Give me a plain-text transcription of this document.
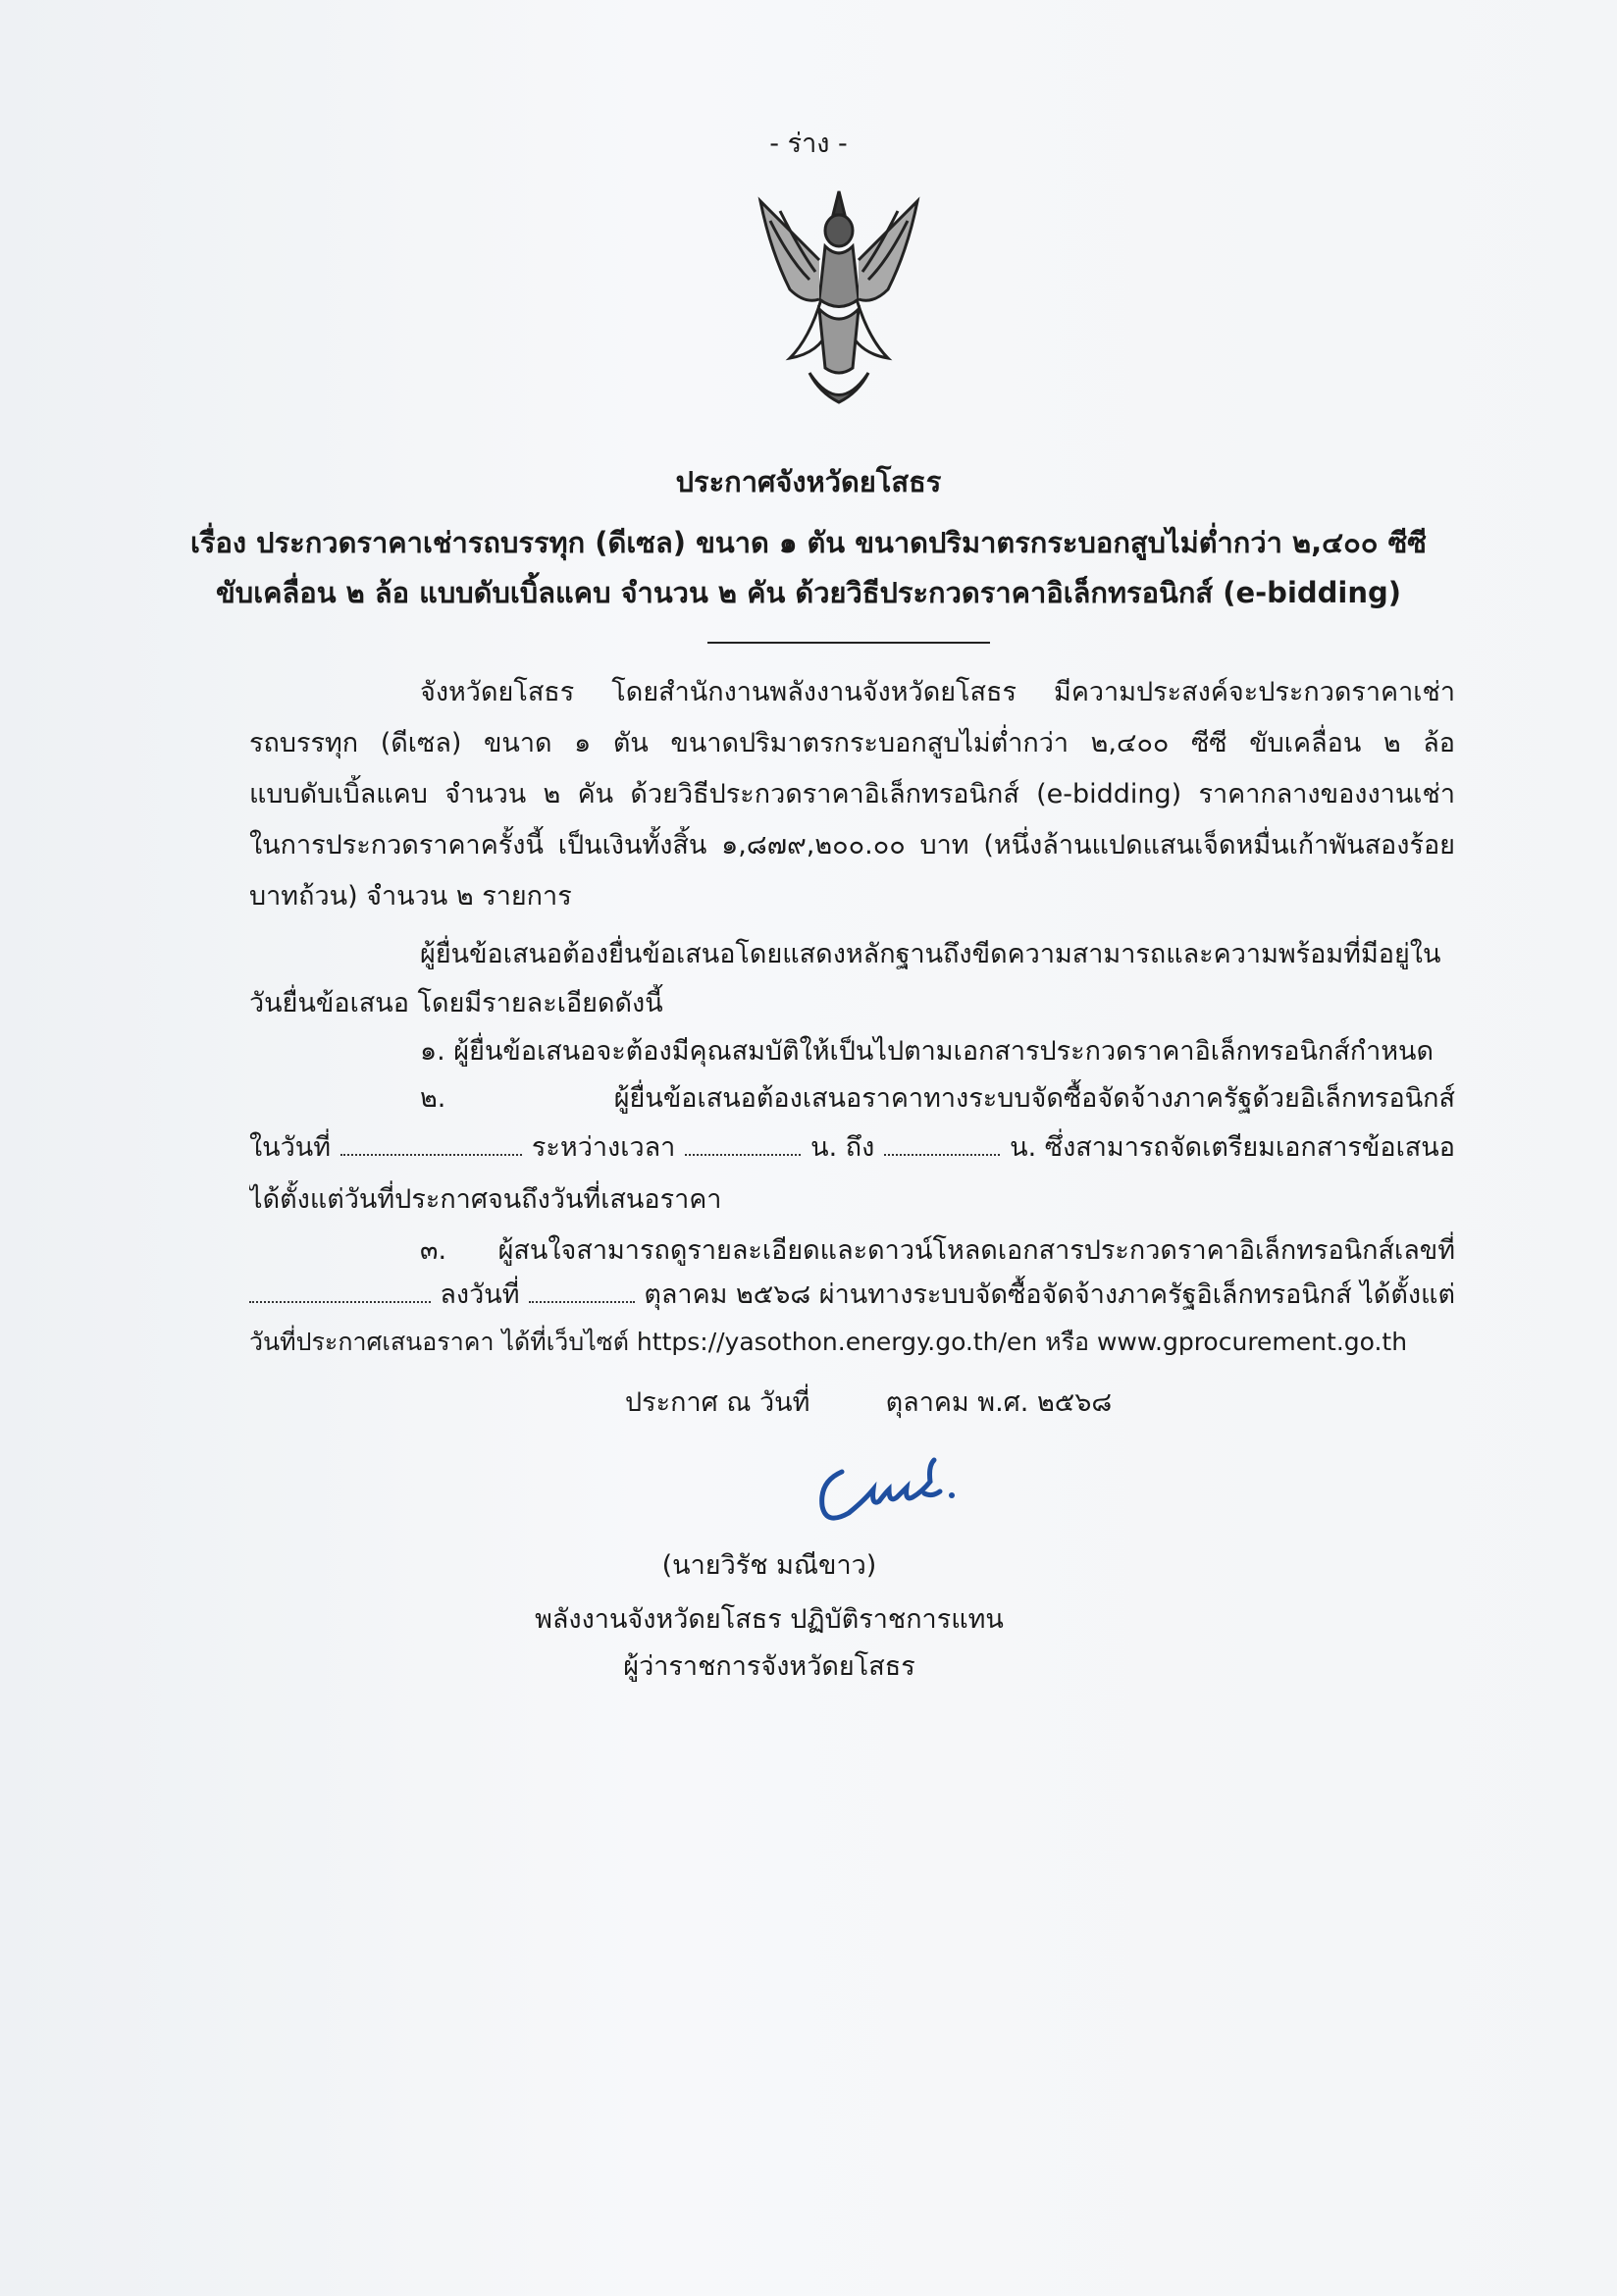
- ร่าง -
ประกาศจังหวัดยโสธร
เรื่อง ประกวดราคาเช่ารถบรรทุก (ดีเซล) ขนาด ๑ ตัน ขนาดปริมาตรกระบอกสูบไม่ต่ำกว่า ๒,๔๐๐ ซีซี
ขับเคลื่อน ๒ ล้อ แบบดับเบิ้ลแคบ จำนวน ๒ คัน ด้วยวิธีประกวดราคาอิเล็กทรอนิกส์ (e-bidding)
จังหวัดยโสธร โดยสำนักงานพลังงานจังหวัดยโสธร มีความประสงค์จะประกวดราคาเช่า
รถบรรทุก (ดีเซล) ขนาด ๑ ตัน ขนาดปริมาตรกระบอกสูบไม่ต่ำกว่า ๒,๔๐๐ ซีซี ขับเคลื่อน ๒ ล้อ
แบบดับเบิ้ลแคบ จำนวน ๒ คัน ด้วยวิธีประกวดราคาอิเล็กทรอนิกส์ (e-bidding) ราคากลางของงานเช่า
ในการประกวดราคาครั้งนี้ เป็นเงินทั้งสิ้น ๑,๘๗๙,๒๐๐.๐๐ บาท (หนึ่งล้านแปดแสนเจ็ดหมื่นเก้าพันสองร้อย
บาทถ้วน) จำนวน ๒ รายการ
ผู้ยื่นข้อเสนอต้องยื่นข้อเสนอโดยแสดงหลักฐานถึงขีดความสามารถและความพร้อมที่มีอยู่ใน
วันยื่นข้อเสนอ โดยมีรายละเอียดดังนี้
๑. ผู้ยื่นข้อเสนอจะต้องมีคุณสมบัติให้เป็นไปตามเอกสารประกวดราคาอิเล็กทรอนิกส์กำหนด
๒. ผู้ยื่นข้อเสนอต้องเสนอราคาทางระบบจัดซื้อจัดจ้างภาครัฐด้วยอิเล็กทรอนิกส์
ในวันที่	ระหว่างเวลา	น. ถึง	น. ซึ่งสามารถจัดเตรียมเอกสารข้อเสนอ
ได้ตั้งแต่วันที่ประกาศจนถึงวันที่เสนอราคา
๓. ผู้สนใจสามารถดูรายละเอียดและดาวน์โหลดเอกสารประกวดราคาอิเล็กทรอนิกส์เลขที่
ลงวันที่	ตุลาคม ๒๕๖๘ ผ่านทางระบบจัดซื้อจัดจ้างภาครัฐอิเล็กทรอนิกส์ ได้ตั้งแต่
วันที่ประกาศเสนอราคา ได้ที่เว็บไซต์ https://yasothon.energy.go.th/en หรือ www.gprocurement.go.th
ประกาศ ณ วันที่	ตุลาคม พ.ศ. ๒๕๖๘
(นายวิรัช มณีขาว)
พลังงานจังหวัดยโสธร ปฏิบัติราชการแทน
ผู้ว่าราชการจังหวัดยโสธร
